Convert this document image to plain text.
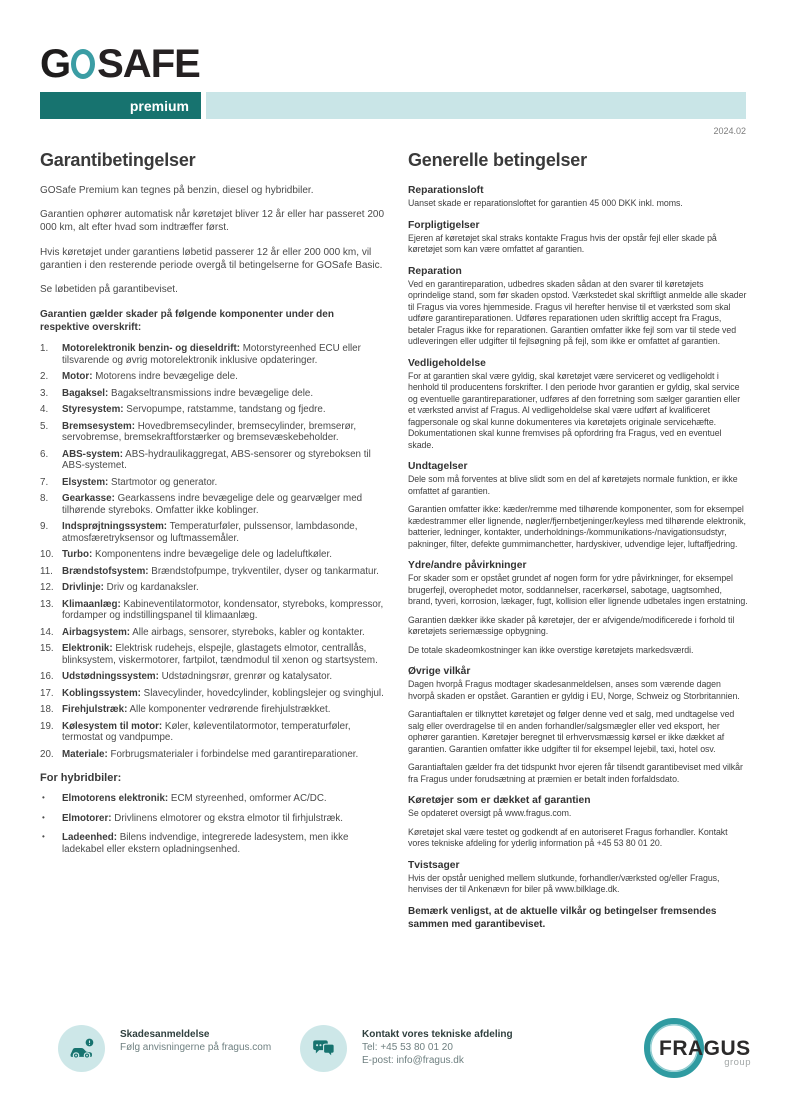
G SAFE
premium
2024.02
Garantibetingelser

GOSafe Premium kan tegnes på benzin, diesel og hybridbiler.

Garantien ophører automatisk når køretøjet bliver 12 år eller har passeret 200 000 km, alt efter hvad som indtræffer først.

Hvis køretøjet under garantiens løbetid passerer 12 år eller 200 000 km, vil garantien i den resterende periode overgå til betingelserne for GOSafe Basic.

Se løbetiden på garantibeviset.

Garantien gælder skader på følgende komponenter under den respektive overskrift:

1.	Motorelektronik benzin- og dieseldrift: Motorstyreenhed ECU eller tilsvarende og øvrig motorelektronik inklusive opdateringer.
2.	Motor: Motorens indre bevægelige dele.
3.	Bagaksel: Bagakseltransmissions indre bevægelige dele.
4.	Styresystem: Servopumpe, ratstamme, tandstang og fjedre.
5.	Bremsesystem: Hovedbremsecylinder, bremsecylinder, bremserør, servobremse, bremsekraftforstærker og bremsevæskebeholder.
6.	ABS-system: ABS-hydraulikaggregat, ABS-sensorer og styreboksen til ABS-systemet.
7.	Elsystem: Startmotor og generator.
8.	Gearkasse: Gearkassens indre bevægelige dele og gearvælger med tilhørende styreboks. Omfatter ikke koblinger.
9.	Indsprøjtningssystem: Temperaturføler, pulssensor, lambdasonde, atmosfæretryksensor og luftmassemåler.
10. Turbo: Komponentens indre bevægelige dele og ladeluftkøler.
11. Brændstofsystem: Brændstofpumpe, trykventiler, dyser og tankarmatur.
12. Drivlinje: Driv og kardanaksler.
13. Klimaanlæg: Kabineventilatormotor, kondensator, styreboks, kompressor, fordamper og indstillingspanel til klimaanlæg.
14. Airbagsystem: Alle airbags, sensorer, styreboks, kabler og kontakter.
15. Elektronik: Elektrisk rudehejs, elspejle, glastagets elmotor, centrallås, blinksystem, viskermotorer, fartpilot, tændmodul til xenon og startsystem.
16. Udstødningssystem: Udstødningsrør, grenrør og katalysator.
17. Koblingssystem: Slavecylinder, hovedcylinder, koblingslejer og svinghjul.
18. Firehjulstræk: Alle komponenter vedrørende firehjulstrækket.
19. Kølesystem til motor: Køler, køleventilatormotor, temperaturføler, termostat og vandpumpe.
20. Materiale: Forbrugsmaterialer i forbindelse med garantireparationer.

For hybridbiler:

•
Elmotorens elektronik: ECM styreenhed, omformer AC/DC.
•
Elmotorer: Drivlinens elmotorer og ekstra elmotor til firhjulstræk.
•
Ladeenhed: Bilens indvendige, integrerede ladesystem, men ikke ladekabel eller ekstern opladningsenhed.
Generelle betingelser
Reparationsloft

Uanset skade er reparationsloftet for garantien 45 000 DKK inkl. moms.

Forpligtigelser

Ejeren af køretøjet skal straks kontakte Fragus hvis der opstår fejl eller skade på køretøjet som kan være omfattet af garantien.

Reparation

Ved en garantireparation, udbedres skaden sådan at den svarer til køretøjets oprindelige stand, som før skaden opstod. Værkstedet skal skriftligt anmelde alle skader til Fragus via vores hjemmeside. Fragus vil herefter henvise til et værksted som skal udføre garantireparationen. Udføres reparationen uden skriftlig accept fra Fragus, betaler Fragus ikke for reparationen. Garantien omfatter ikke fejl som var til stede ved udleveringen eller udgifter til fejlsøgning på fejl, som ikke er omfattet af garantien.

Vedligeholdelse

For at garantien skal være gyldig, skal køretøjet være serviceret og vedligeholdt i henhold til producentens forskrifter. I den periode hvor garantien er gyldig, skal service og eventuelle garantireparationer, udføres af den forretning som sælger garantien eller et værksted anvist af Fragus. Al vedligeholdelse skal være udført af kvalificeret fagpersonale og skal kunne dokumenteres via køretøjets originale servicehæfte. Dokumentationen skal kunne fremvises på opfordring fra Fragus, ved en eventuel skade.

Undtagelser

Dele som må forventes at blive slidt som en del af køretøjets normale funktion, er ikke omfattet af garantien.

Garantien omfatter ikke: kæder/remme med tilhørende komponenter, som for eksempel kædestrammer eller lignende, nøgler/fjernbetjeninger/keyless med tilhørende elektronik, batterier, ledninger, kontakter, underholdnings-/kommunikations-/navigationsudstyr, pakninger, filter, defekte gummimanchetter, hardyskiver, udvendige lejer, luftaffjedring.

Ydre/andre påvirkninger

For skader som er opstået grundet af nogen form for ydre påvirkninger, for eksempel brugerfejl, overophedet motor, soddannelser, racerkørsel, sabotage, uagtsomhed, brand, tyveri, korrosion, lækager, fugt, kollision eller lignende udbetales ingen erstatning.

Garantien dækker ikke skader på køretøjer, der er afvigende/modificerede i forhold til køretøjets seriemæssige opbygning.

De totale skadeomkostninger kan ikke overstige køretøjets markedsværdi.

Øvrige vilkår

Dagen hvorpå Fragus modtager skadesanmeldelsen, anses som værende dagen hvorpå skaden er opstået. Garantien er gyldig i EU, Norge, Schweiz og Storbritannien.

Garantiaftalen er tilknyttet køretøjet og følger denne ved et salg, med undtagelse ved salg eller overdragelse til en anden forhandler/salgsmægler eller ved eksport, her ophører garantien. Køretøjer beregnet til erhvervsmæssig kørsel er ikke dækket af garantien. Garantien omfatter ikke udgifter til for eksempel lejebil, taxi, hotel osv.

Garantiaftalen gælder fra det tidspunkt hvor ejeren får tilsendt garantibeviset med vilkår fra Fragus under forudsætning at præmien er betalt inden forfaldsdato.

Køretøjer som er dækket af garantien

Se opdateret oversigt på www.fragus.com.

Køretøjet skal være testet og godkendt af en autoriseret Fragus forhandler. Kontakt vores tekniske afdeling for yderlig information på +45 53 80 01 20.

Tvistsager

Hvis der opstår uenighed mellem slutkunde, forhandler/værksted og/eller Fragus, henvises der til Ankenævn for biler på www.bilklage.dk.

Bemærk venligst, at de aktuelle vilkår og betingelser fremsendes sammen med garantibeviset.

Skadesanmeldelse
Følg anvisningerne på fragus.com
Kontakt vores tekniske afdeling
Tel: +45 53 80 01 20
E-post: info@fragus.dk
FRAGUS
group
